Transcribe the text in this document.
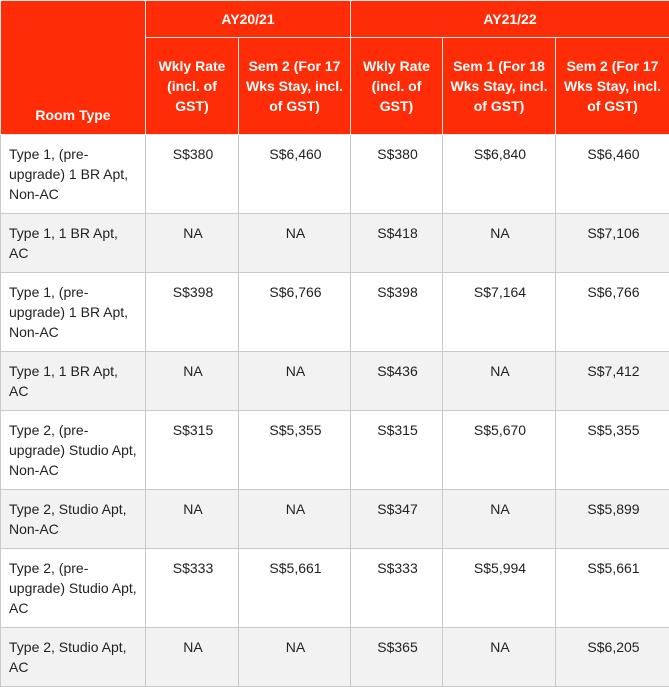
Room Type	AY20/21		AY21/22		
	Wkly Rate (incl. of GST)	Sem 2 (For 17 Wks Stay, incl. of GST)	Wkly Rate (incl. of GST)	Sem 1 (For 18 Wks Stay, incl. of GST)	Sem 2 (For 17 Wks Stay, incl. of GST)
Type 1, (pre-upgrade) 1 BR Apt, Non-AC	S$380	S$6,460	S$380	S$6,840	S$6,460
Type 1, 1 BR Apt, AC	NA	NA	S$418	NA	S$7,106
Type 1, (pre-upgrade) 1 BR Apt, Non-AC	S$398	S$6,766	S$398	S$7,164	S$6,766
Type 1, 1 BR Apt, AC	NA	NA	S$436	NA	S$7,412
Type 2, (pre-upgrade) Studio Apt, Non-AC	S$315	S$5,355	S$315	S$5,670	S$5,355
Type 2, Studio Apt, Non-AC	NA	NA	S$347	NA	S$5,899
Type 2, (pre-upgrade) Studio Apt, AC	S$333	S$5,661	S$333	S$5,994	S$5,661
Type 2, Studio Apt, AC	NA	NA	S$365	NA	S$6,205
